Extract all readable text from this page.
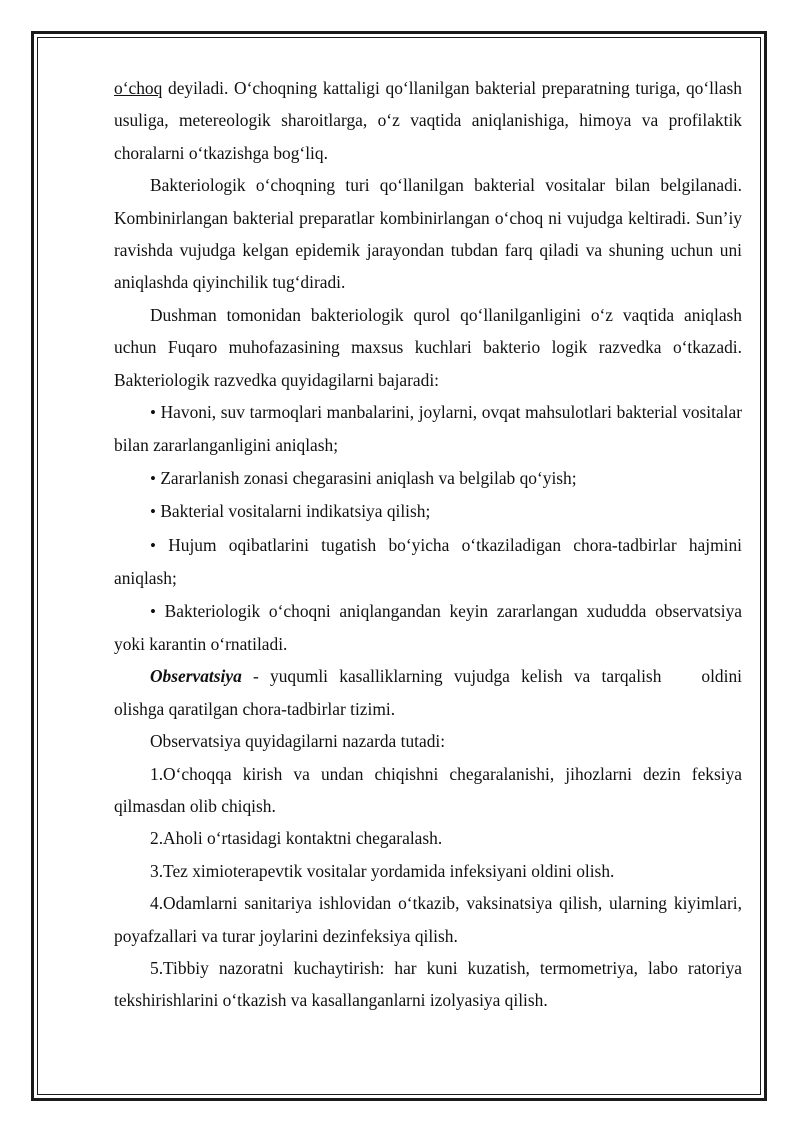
o‘choq deyiladi. O‘choqning kattaligi qo‘llanilgan bakterial preparatning turiga, qo‘llash usuliga, metereologik sharoitlarga, o‘z vaqtida aniqlanishiga, himoya va profilaktik choralarni o‘tkazishga bog‘liq.

Bakteriologik o‘choqning turi qo‘llanilgan bakterial vositalar bilan belgilanadi. Kombinirlangan bakterial preparatlar kombinirlangan o‘choq ni vujudga keltiradi. Sun’iy ravishda vujudga kelgan epidemik jarayondan tubdan farq qiladi va shuning uchun uni aniqlashda qiyinchilik tug‘diradi.

Dushman tomonidan bakteriologik qurol qo‘llanilganligini o‘z vaqtida aniqlash uchun Fuqaro muhofazasining maxsus kuchlari bakterio logik razvedka o‘tkazadi. Bakteriologik razvedka quyidagilarni bajaradi:

• Havoni, suv tarmoqlari manbalarini, joylarni, ovqat mahsulotlari bakterial vositalar bilan zararlanganligini aniqlash;

• Zararlanish zonasi chegarasini aniqlash va belgilab qo‘yish;

• Bakterial vositalarni indikatsiya qilish;

• Hujum oqibatlarini tugatish bo‘yicha o‘tkaziladigan chora-tadbirlar hajmini aniqlash;

• Bakteriologik o‘choqni aniqlangandan keyin zararlangan xududda observatsiya yoki karantin o‘rnatiladi.

Observatsiya - yuqumli kasalliklarning vujudga kelish va tarqalish oldini olishga qaratilgan chora-tadbirlar tizimi.

Observatsiya quyidagilarni nazarda tutadi:

1.O‘choqqa kirish va undan chiqishni chegaralanishi, jihozlarni dezin feksiya qilmasdan olib chiqish.

2.Aholi o‘rtasidagi kontaktni chegaralash.

3.Tez ximioterapevtik vositalar yordamida infeksiyani oldini olish.

4.Odamlarni sanitariya ishlovidan o‘tkazib, vaksinatsiya qilish, ularning kiyimlari, poyafzallari va turar joylarini dezinfeksiya qilish.

5.Tibbiy nazoratni kuchaytirish: har kuni kuzatish, termometriya, labo ratoriya tekshirishlarini o‘tkazish va kasallanganlarni izolyasiya qilish.
